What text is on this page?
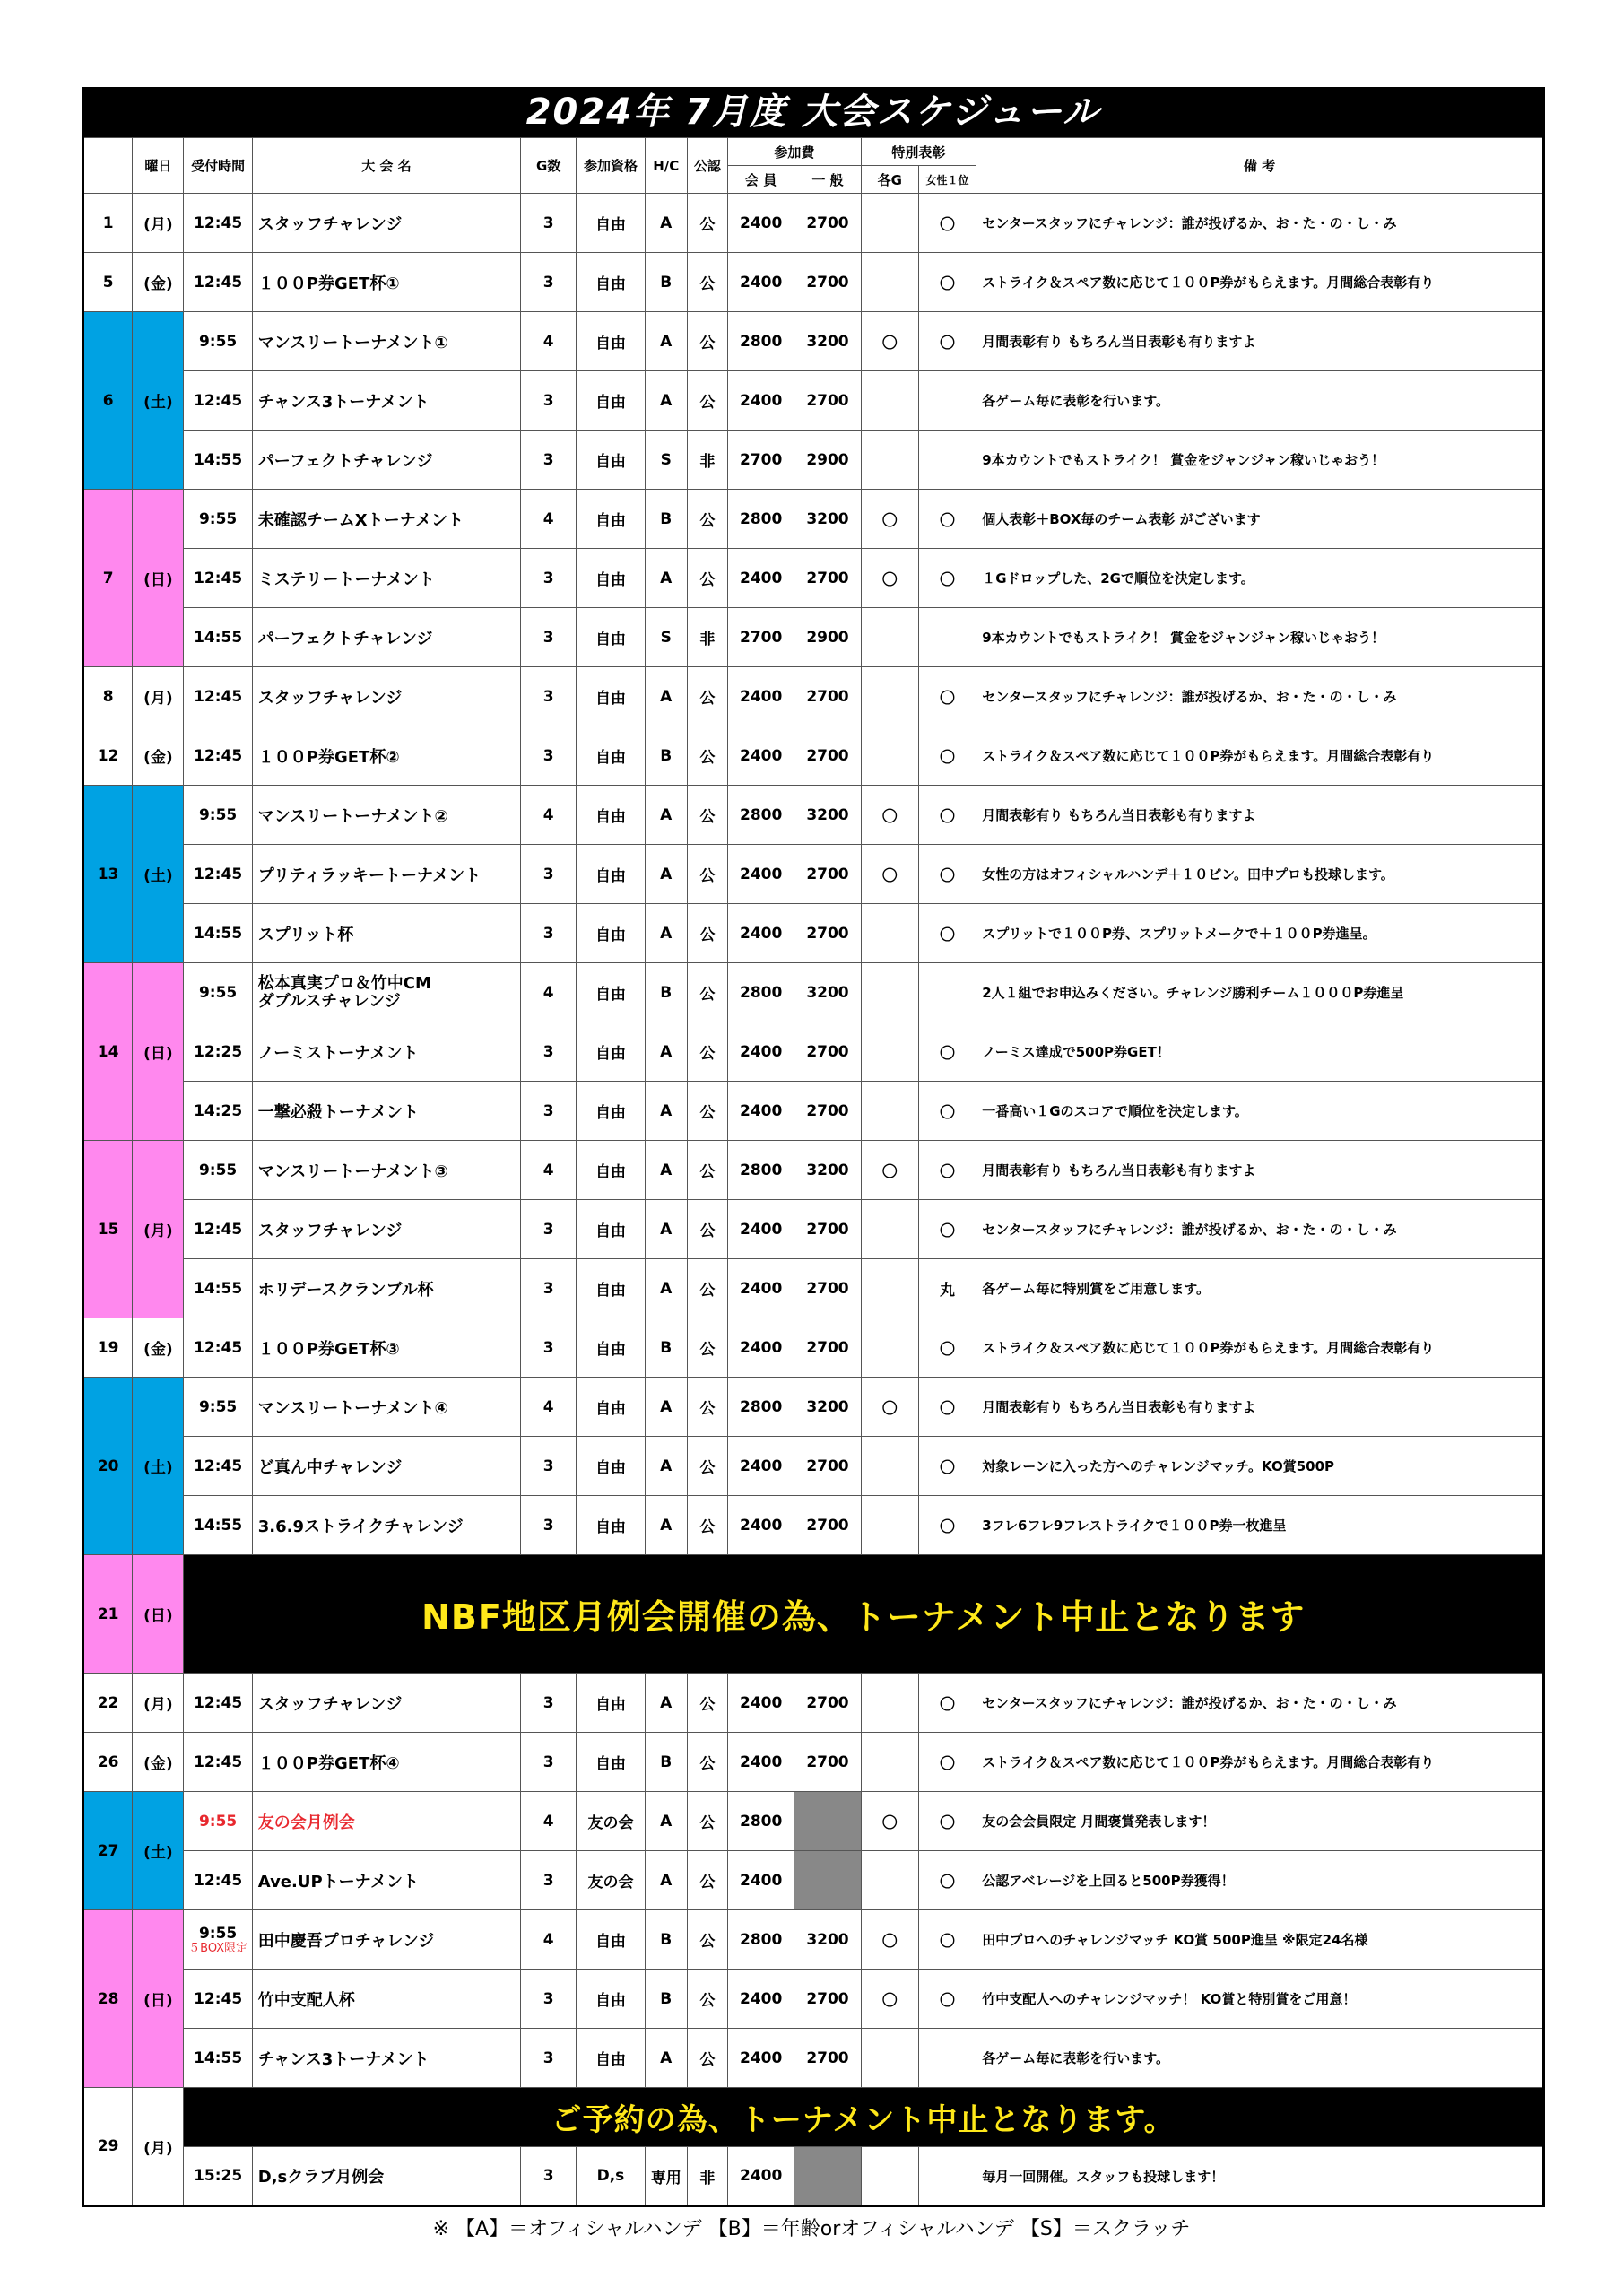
2024年 7月度 大会スケジュール
	曜日	受付時間	大 会 名	G数	参加資格	H/C	公認	参加費		特別表彰		備 考
								会 員	一 般	各G	女性１位	
1	(月)	12:45	スタッフチャレンジ	3	自由	A	公	2400	2700		〇	センタースタッフにチャレンジ：誰が投げるか、お・た・の・し・み
5	(金)	12:45	１００P券GET杯①	3	自由	B	公	2400	2700		〇	ストライク＆スペア数に応じて１００P券がもらえます。月間総合表彰有り
6	(土)	9:55	マンスリートーナメント①	4	自由	A	公	2800	3200	〇	〇	月間表彰有り もちろん当日表彰も有りますよ
		12:45	チャンス3トーナメント	3	自由	A	公	2400	2700			各ゲーム毎に表彰を行います。
		14:55	パーフェクトチャレンジ	3	自由	S	非	2700	2900			9本カウントでもストライク！ 賞金をジャンジャン稼いじゃおう！
7	(日)	9:55	未確認チームXトーナメント	4	自由	B	公	2800	3200	〇	〇	個人表彰＋BOX毎のチーム表彰 がございます
		12:45	ミステリートーナメント	3	自由	A	公	2400	2700	〇	〇	１Gドロップした、2Gで順位を決定します。
		14:55	パーフェクトチャレンジ	3	自由	S	非	2700	2900			9本カウントでもストライク！ 賞金をジャンジャン稼いじゃおう！
8	(月)	12:45	スタッフチャレンジ	3	自由	A	公	2400	2700		〇	センタースタッフにチャレンジ：誰が投げるか、お・た・の・し・み
12	(金)	12:45	１００P券GET杯②	3	自由	B	公	2400	2700		〇	ストライク＆スペア数に応じて１００P券がもらえます。月間総合表彰有り
13	(土)	9:55	マンスリートーナメント②	4	自由	A	公	2800	3200	〇	〇	月間表彰有り もちろん当日表彰も有りますよ
		12:45	プリティラッキートーナメント	3	自由	A	公	2400	2700	〇	〇	女性の方はオフィシャルハンデ＋１０ピン。田中プロも投球します。
		14:55	スプリット杯	3	自由	A	公	2400	2700		〇	スプリットで１００P券、スプリットメークで＋１００P券進呈。
14	(日)	9:55	松本真実プロ＆竹中CM
ダブルスチャレンジ	4	自由	B	公	2800	3200			2人１組でお申込みください。チャレンジ勝利チーム１０００P券進呈
		12:25	ノーミストーナメント	3	自由	A	公	2400	2700		〇	ノーミス達成で500P券GET！
		14:25	一撃必殺トーナメント	3	自由	A	公	2400	2700		〇	一番高い１Gのスコアで順位を決定します。
15	(月)	9:55	マンスリートーナメント③	4	自由	A	公	2800	3200	〇	〇	月間表彰有り もちろん当日表彰も有りますよ
		12:45	スタッフチャレンジ	3	自由	A	公	2400	2700		〇	センタースタッフにチャレンジ：誰が投げるか、お・た・の・し・み
		14:55	ホリデースクランブル杯	3	自由	A	公	2400	2700		丸	各ゲーム毎に特別賞をご用意します。
19	(金)	12:45	１００P券GET杯③	3	自由	B	公	2400	2700		〇	ストライク＆スペア数に応じて１００P券がもらえます。月間総合表彰有り
20	(土)	9:55	マンスリートーナメント④	4	自由	A	公	2800	3200	〇	〇	月間表彰有り もちろん当日表彰も有りますよ
		12:45	ど真ん中チャレンジ	3	自由	A	公	2400	2700		〇	対象レーンに入った方へのチャレンジマッチ。KO賞500P
		14:55	3.6.9ストライクチャレンジ	3	自由	A	公	2400	2700		〇	3フレ6フレ9フレストライクで１００P券一枚進呈
21	(日)	NBF地区月例会開催の為、トーナメント中止となります										
22	(月)	12:45	スタッフチャレンジ	3	自由	A	公	2400	2700		〇	センタースタッフにチャレンジ：誰が投げるか、お・た・の・し・み
26	(金)	12:45	１００P券GET杯④	3	自由	B	公	2400	2700		〇	ストライク＆スペア数に応じて１００P券がもらえます。月間総合表彰有り
27	(土)	9:55	友の会月例会	4	友の会	A	公	2800		〇	〇	友の会会員限定 月間褒賞発表します！
		12:45	Ave.UPトーナメント	3	友の会	A	公	2400			〇	公認アベレージを上回ると500P券獲得！
28	(日)	9:55
５BOX限定	田中慶吾プロチャレンジ	4	自由	B	公	2800	3200	〇	〇	田中プロへのチャレンジマッチ KO賞 500P進呈 ※限定24名様
		12:45	竹中支配人杯	3	自由	B	公	2400	2700	〇	〇	竹中支配人へのチャレンジマッチ！ KO賞と特別賞をご用意！
		14:55	チャンス3トーナメント	3	自由	A	公	2400	2700			各ゲーム毎に表彰を行います。
29	(月)	ご予約の為、トーナメント中止となります。										
		15:25	D,sクラブ月例会	3	D,s	専用	非	2400				毎月一回開催。スタッフも投球します！
※ 【A】＝オフィシャルハンデ 【B】＝年齢orオフィシャルハンデ 【S】＝スクラッチ
